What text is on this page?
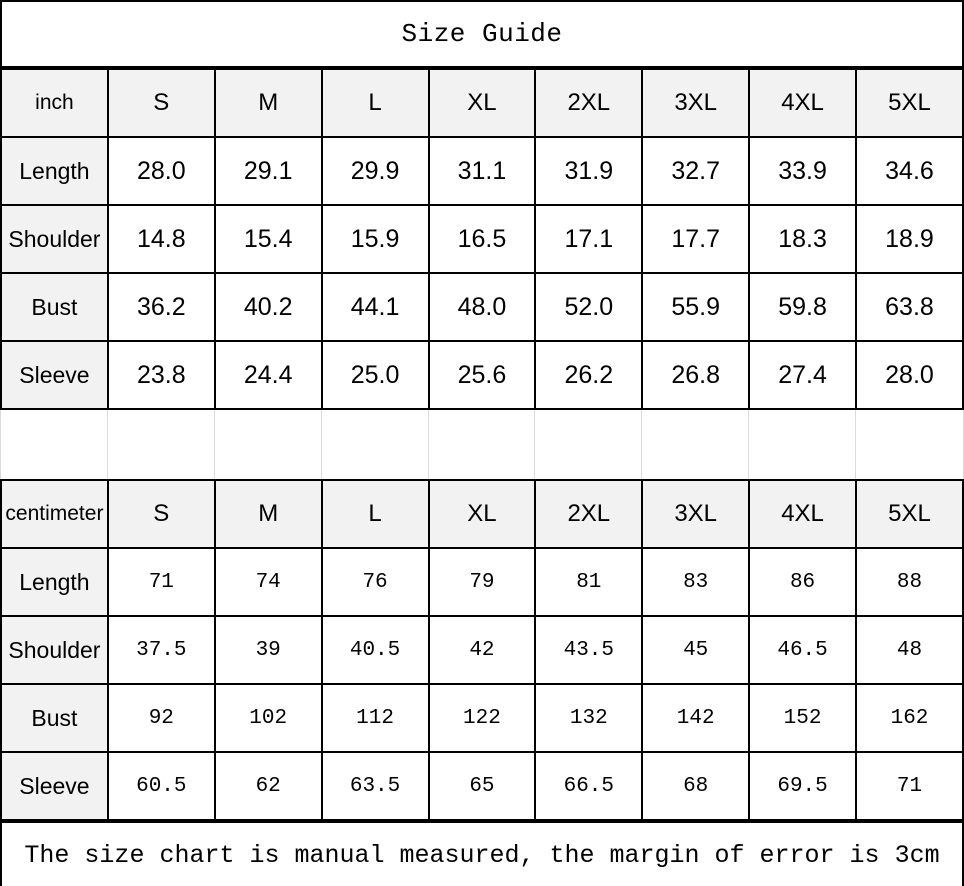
Size Guide
inch	S	M	L	XL	2XL	3XL	4XL	5XL
Length	28.0	29.1	29.9	31.1	31.9	32.7	33.9	34.6
Shoulder	14.8	15.4	15.9	16.5	17.1	17.7	18.3	18.9
Bust	36.2	40.2	44.1	48.0	52.0	55.9	59.8	63.8
Sleeve	23.8	24.4	25.0	25.6	26.2	26.8	27.4	28.0
centimeter	S	M	L	XL	2XL	3XL	4XL	5XL
Length	71	74	76	79	81	83	86	88
Shoulder	37.5	39	40.5	42	43.5	45	46.5	48
Bust	92	102	112	122	132	142	152	162
Sleeve	60.5	62	63.5	65	66.5	68	69.5	71
The size chart is manual measured, the margin of error is 3cm
